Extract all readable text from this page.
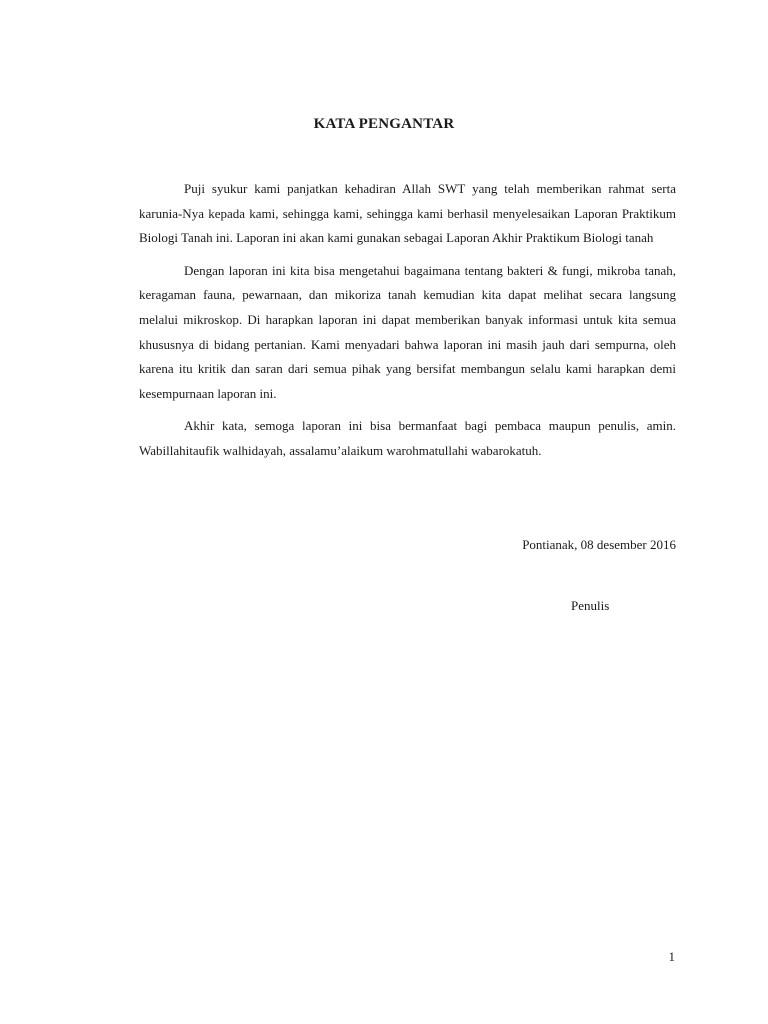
KATA PENGANTAR

Puji syukur kami panjatkan kehadiran Allah SWT yang telah memberikan rahmat serta karunia-Nya kepada kami, sehingga kami, sehingga kami berhasil menyelesaikan Laporan Praktikum Biologi Tanah ini. Laporan ini akan kami gunakan sebagai Laporan Akhir Praktikum Biologi tanah

Dengan laporan ini kita bisa mengetahui bagaimana tentang bakteri & fungi, mikroba tanah, keragaman fauna, pewarnaan, dan mikoriza tanah kemudian kita dapat melihat secara langsung melalui mikroskop. Di harapkan laporan ini dapat memberikan banyak informasi untuk kita semua khususnya di bidang pertanian. Kami menyadari bahwa laporan ini masih jauh dari sempurna, oleh karena itu kritik dan saran dari semua pihak yang bersifat membangun selalu kami harapkan demi kesempurnaan laporan ini.

Akhir kata, semoga laporan ini bisa bermanfaat bagi pembaca maupun penulis, amin. Wabillahitaufik walhidayah, assalamu’alaikum warohmatullahi wabarokatuh.

Pontianak, 08 desember 2016

Penulis

1
